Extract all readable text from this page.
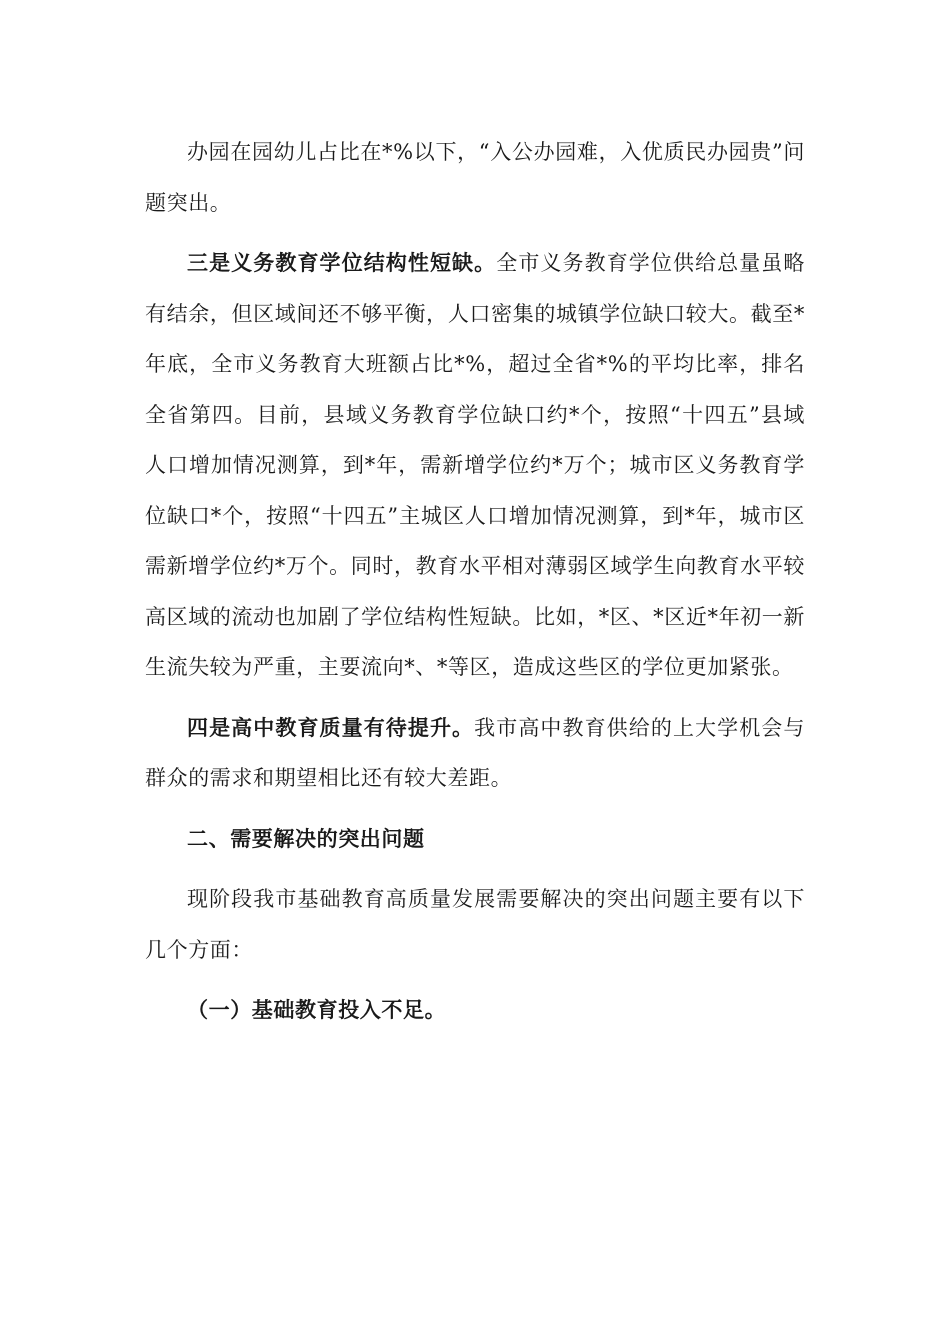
办园在园幼儿占比在*%以下，“入公办园难，入优质民办园贵”问题突出。

三是义务教育学位结构性短缺。全市义务教育学位供给总量虽略有结余，但区域间还不够平衡，人口密集的城镇学位缺口较大。截至*年底，全市义务教育大班额占比*%，超过全省*%的平均比率，排名全省第四。目前，县域义务教育学位缺口约*个，按照“十四五”县域人口增加情况测算，到*年，需新增学位约*万个；城市区义务教育学位缺口*个，按照“十四五”主城区人口增加情况测算，到*年，城市区需新增学位约*万个。同时，教育水平相对薄弱区域学生向教育水平较高区域的流动也加剧了学位结构性短缺。比如，*区、*区近*年初一新生流失较为严重，主要流向*、*等区，造成这些区的学位更加紧张。

四是高中教育质量有待提升。我市高中教育供给的上大学机会与群众的需求和期望相比还有较大差距。

二、需要解决的突出问题

现阶段我市基础教育高质量发展需要解决的突出问题主要有以下几个方面：

（一）基础教育投入不足。
